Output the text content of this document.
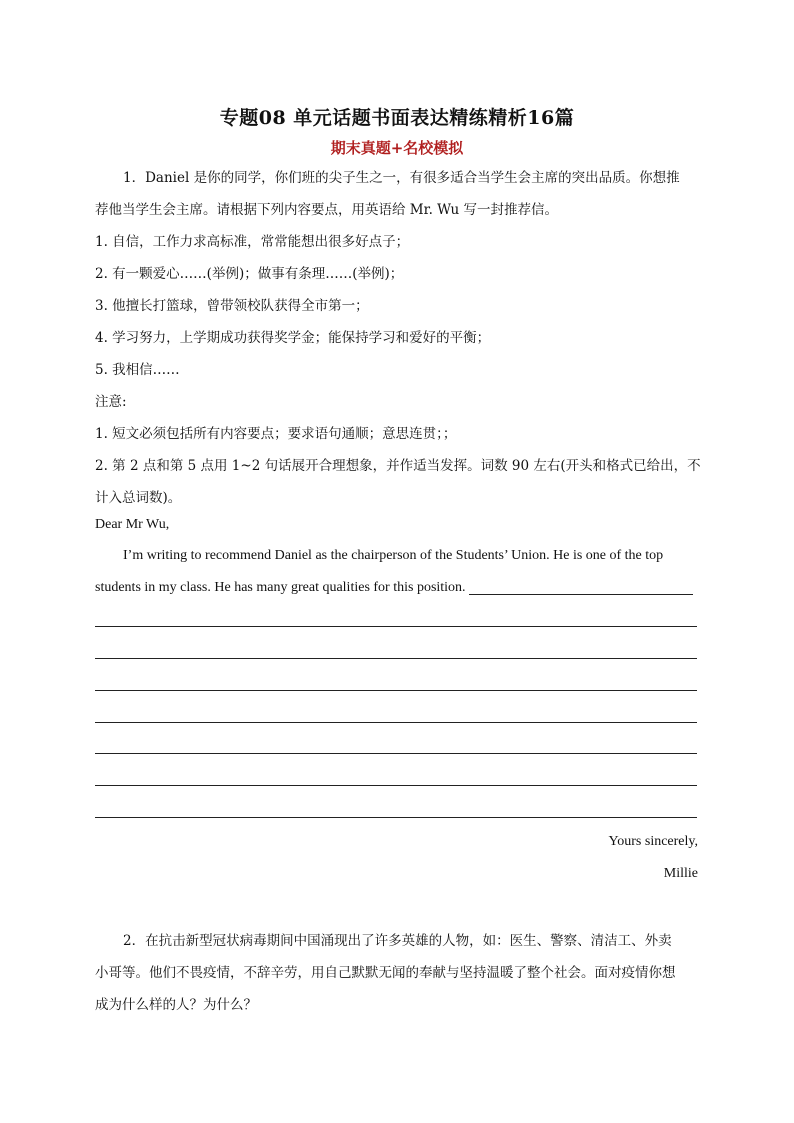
专题08 单元话题书面表达精练精析16篇
期末真题+名校模拟
1．Daniel 是你的同学，你们班的尖子生之一，有很多适合当学生会主席的突出品质。你想推
荐他当学生会主席。请根据下列内容要点，用英语给 Mr. Wu 写一封推荐信。
1. 自信，工作力求高标准，常常能想出很多好点子；
2. 有一颗爱心……(举例)；做事有条理……(举例)；
3. 他擅长打篮球，曾带领校队获得全市第一；
4. 学习努力，上学期成功获得奖学金；能保持学习和爱好的平衡；
5. 我相信……
注意:
1. 短文必须包括所有内容要点；要求语句通顺；意思连贯；；
2. 第 2 点和第 5 点用 1~2 句话展开合理想象，并作适当发挥。词数 90 左右(开头和格式已给出，不
计入总词数)。
Dear Mr Wu,
I’m writing to recommend Daniel as the chairperson of the Students’ Union. He is one of the top
students in my class. He has many great qualities for this position.
Yours sincerely,
Millie
2．在抗击新型冠状病毒期间中国涌现出了许多英雄的人物，如：医生、警察、清洁工、外卖
小哥等。他们不畏疫情，不辞辛劳，用自己默默无闻的奉献与坚持温暖了整个社会。面对疫情你想
成为什么样的人？为什么？
